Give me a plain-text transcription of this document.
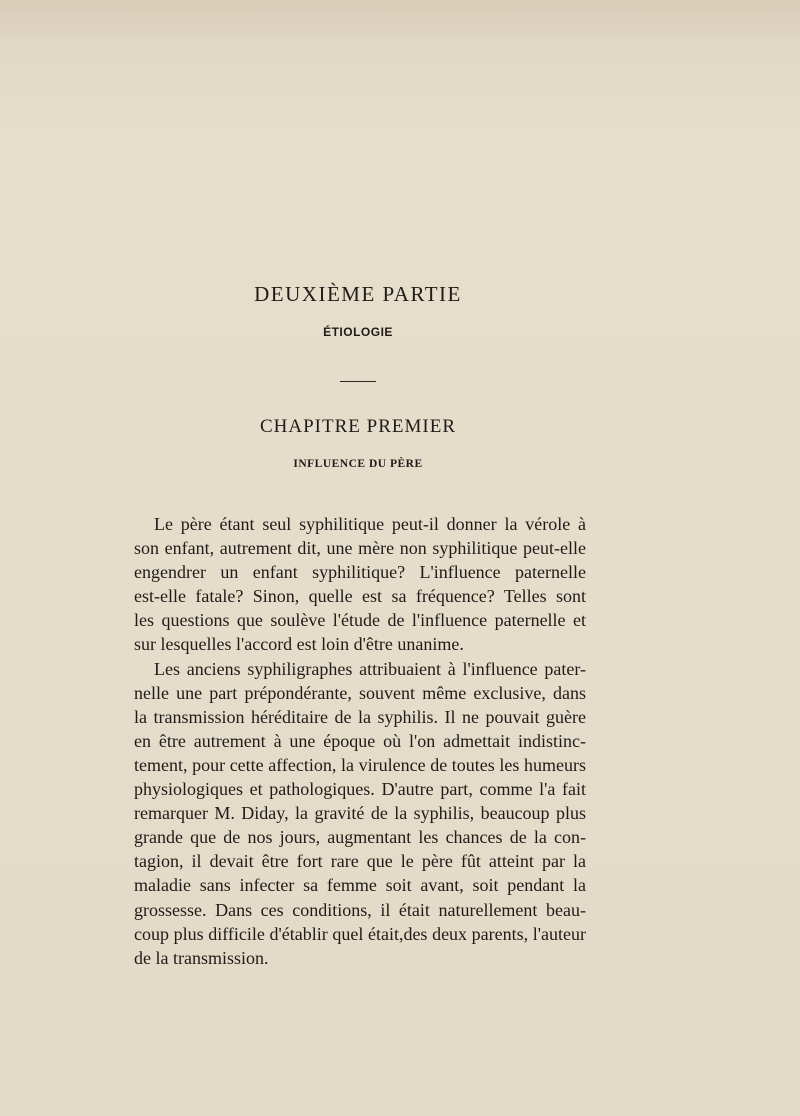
DEUXIÈME PARTIE
ÉTIOLOGIE
CHAPITRE PREMIER
INFLUENCE DU PÈRE
Le père étant seul syphilitique peut-il donner la vérole à
son enfant, autrement dit, une mère non syphilitique peut-elle
engendrer un enfant syphilitique? L'influence paternelle
est-elle fatale? Sinon, quelle est sa fréquence? Telles sont
les questions que soulève l'étude de l'influence paternelle et
sur lesquelles l'accord est loin d'être unanime.
Les anciens syphiligraphes attribuaient à l'influence pater-
nelle une part prépondérante, souvent même exclusive, dans
la transmission héréditaire de la syphilis. Il ne pouvait guère
en être autrement à une époque où l'on admettait indistinc-
tement, pour cette affection, la virulence de toutes les humeurs
physiologiques et pathologiques. D'autre part, comme l'a fait
remarquer M. Diday, la gravité de la syphilis, beaucoup plus
grande que de nos jours, augmentant les chances de la con-
tagion, il devait être fort rare que le père fût atteint par la
maladie sans infecter sa femme soit avant, soit pendant la
grossesse. Dans ces conditions, il était naturellement beau-
coup plus difficile d'établir quel était,des deux parents, l'auteur
de la transmission.
